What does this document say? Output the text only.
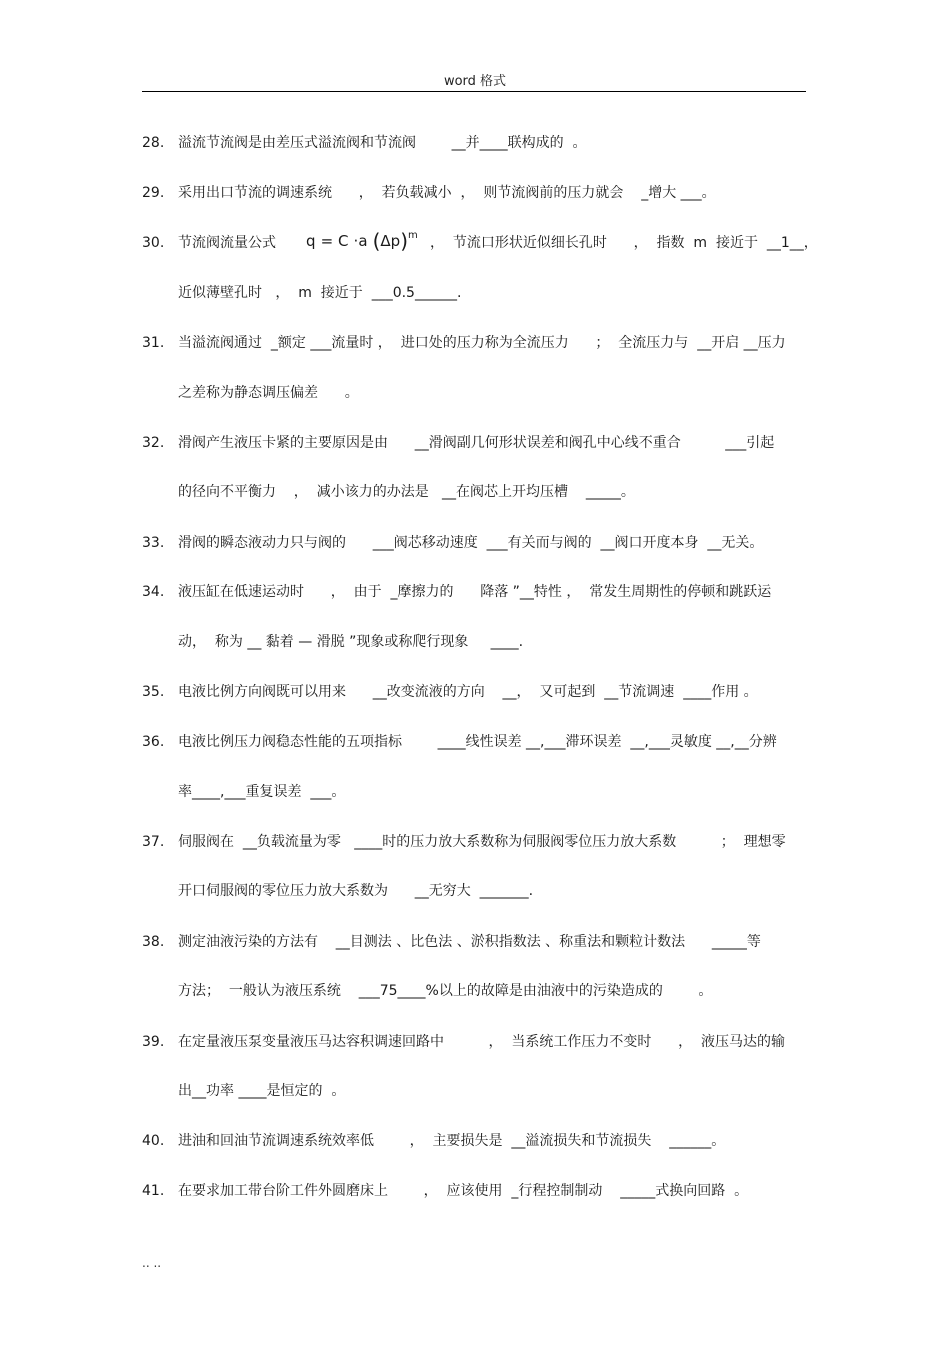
word 格式
28. 溢流节流阀是由差压式溢流阀和节流阀        __并____联构成的  。
29. 采用出口节流的调速系统      ，  若负载减小  ，  则节流阀前的压力就会    _增大 ___。
30. 节流阀流量公式 q = C ·a $(\Delta p)^m$ ，  节流口形状近似细长孔时      ，  指数  m  接近于  __1__，
近似薄壁孔时   ，  m  接近于  ___0.5______.
31. 当溢流阀通过  _额定 ___流量时 ，  进口处的压力称为全流压力      ；  全流压力与  __开启 __压力
之差称为静态调压偏差      。
32. 滑阀产生液压卡紧的主要原因是由      __滑阀副几何形状误差和阀孔中心线不重合          ___引起
的径向不平衡力    ，  减小该力的办法是   __在阀芯上开均压槽    _____。
33. 滑阀的瞬态液动力只与阀的      ___阀芯移动速度  ___有关而与阀的  __阀口开度本身  __无关。
34. 液压缸在低速运动时      ，  由于  _摩擦力的      降落 ”__特性 ，  常发生周期性的停顿和跳跃运
动，  称为 __ 黏着 — 滑脱 ”现象或称爬行现象     ____.
35. 电液比例方向阀既可以用来      __改变流液的方向    __，  又可起到  __节流调速  ____作用 。
36. 电液比例压力阀稳态性能的五项指标        ____线性误差 __,___滞环误差  __,___灵敏度 __,__分辨
率____,___重复误差  ___。
37. 伺服阀在  __负载流量为零   ____时的压力放大系数称为伺服阀零位压力放大系数          ；  理想零
开口伺服阀的零位压力放大系数为      __无穷大  _______.
38. 测定油液污染的方法有    __目测法 、比色法 、淤积指数法 、称重法和颗粒计数法      _____等
方法；  一般认为液压系统    ___75____%以上的故障是由油液中的污染造成的        。
39. 在定量液压泵变量液压马达容积调速回路中          ，  当系统工作压力不变时      ，  液压马达的输
出__功率 ____是恒定的  。
40. 进油和回油节流调速系统效率低        ，  主要损失是  __溢流损失和节流损失    ______。
41. 在要求加工带台阶工件外圆磨床上        ，  应该使用  _行程控制制动    _____式换向回路  。
.. ..
